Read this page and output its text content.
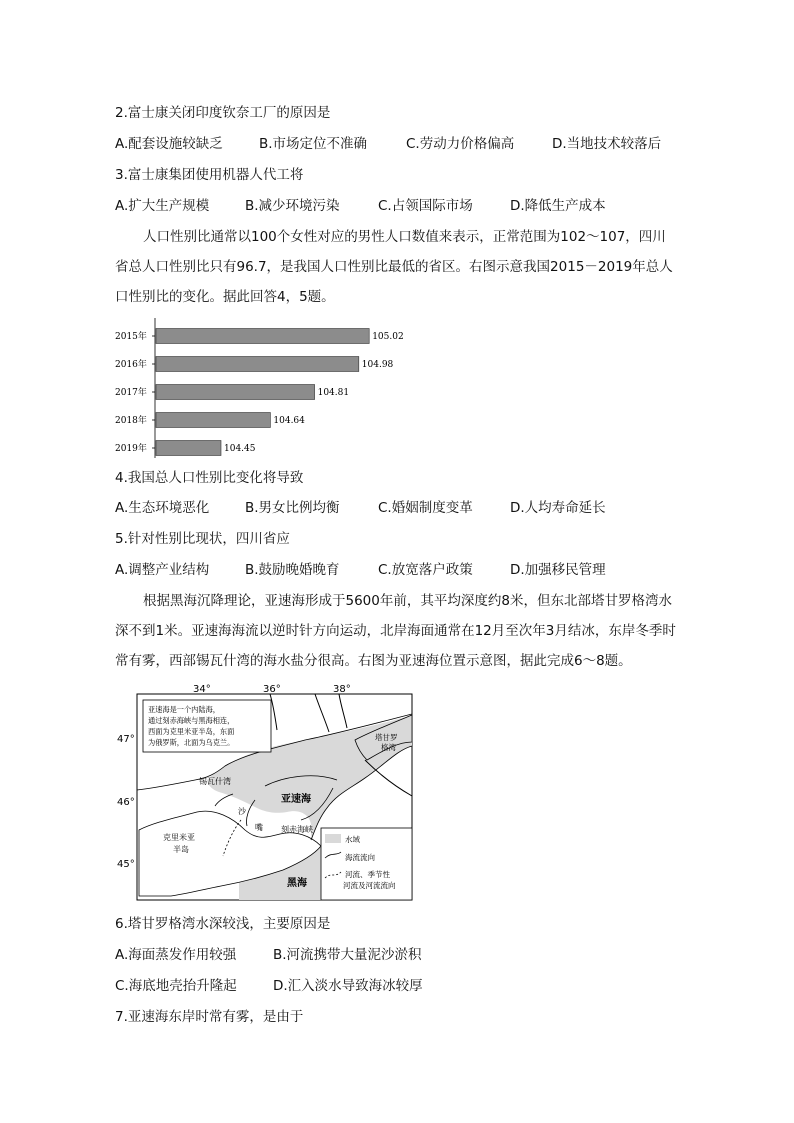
2.富士康关闭印度钦奈工厂的原因是
A.配套设施较缺乏	B.市场定位不准确	C.劳动力价格偏高	D.当地技术较落后
3.富士康集团使用机器人代工将
A.扩大生产规模	B.减少环境污染	C.占领国际市场	D.降低生产成本
人口性别比通常以100个女性对应的男性人口数值来表示，正常范围为102～107，四川省总人口性别比只有96.7，是我国人口性别比最低的省区。右图示意我国2015－2019年总人口性别比的变化。据此回答4，5题。
2015年	105.02
2016年	104.98
2017年	104.81
2018年	104.64
2019年	104.45
4.我国总人口性别比变化将导致
A.生态环境恶化	B.男女比例均衡	C.婚姻制度变革	D.人均寿命延长
5.针对性别比现状，四川省应
A.调整产业结构	B.鼓励晚婚晚育	C.放宽落户政策	D.加强移民管理
根据黑海沉降理论，亚速海形成于5600年前，其平均深度约8米，但东北部塔甘罗格湾水深不到1米。亚速海海流以逆时针方向运动，北岸海面通常在12月至次年3月结冰，东岸冬季时常有雾，西部锡瓦什湾的海水盐分很高。右图为亚速海位置示意图，据此完成6～8题。
34°	36°	38°
47°
46°
45°
亚速海是一个内陆海，
通过刻赤海峡与黑海相连，
西面为克里米亚半岛，东面
为俄罗斯，北面为乌克兰。
塔甘罗
格湾
锡瓦什湾
亚速海
沙
嘴
克里米亚
半岛
刻赤海峡
黑海
水域
海流流向
河流、季节性
河流及河流流向
6.塔甘罗格湾水深较浅，主要原因是
A.海面蒸发作用较强	B.河流携带大量泥沙淤积
C.海底地壳抬升隆起	D.汇入淡水导致海冰较厚
7.亚速海东岸时常有雾，是由于
